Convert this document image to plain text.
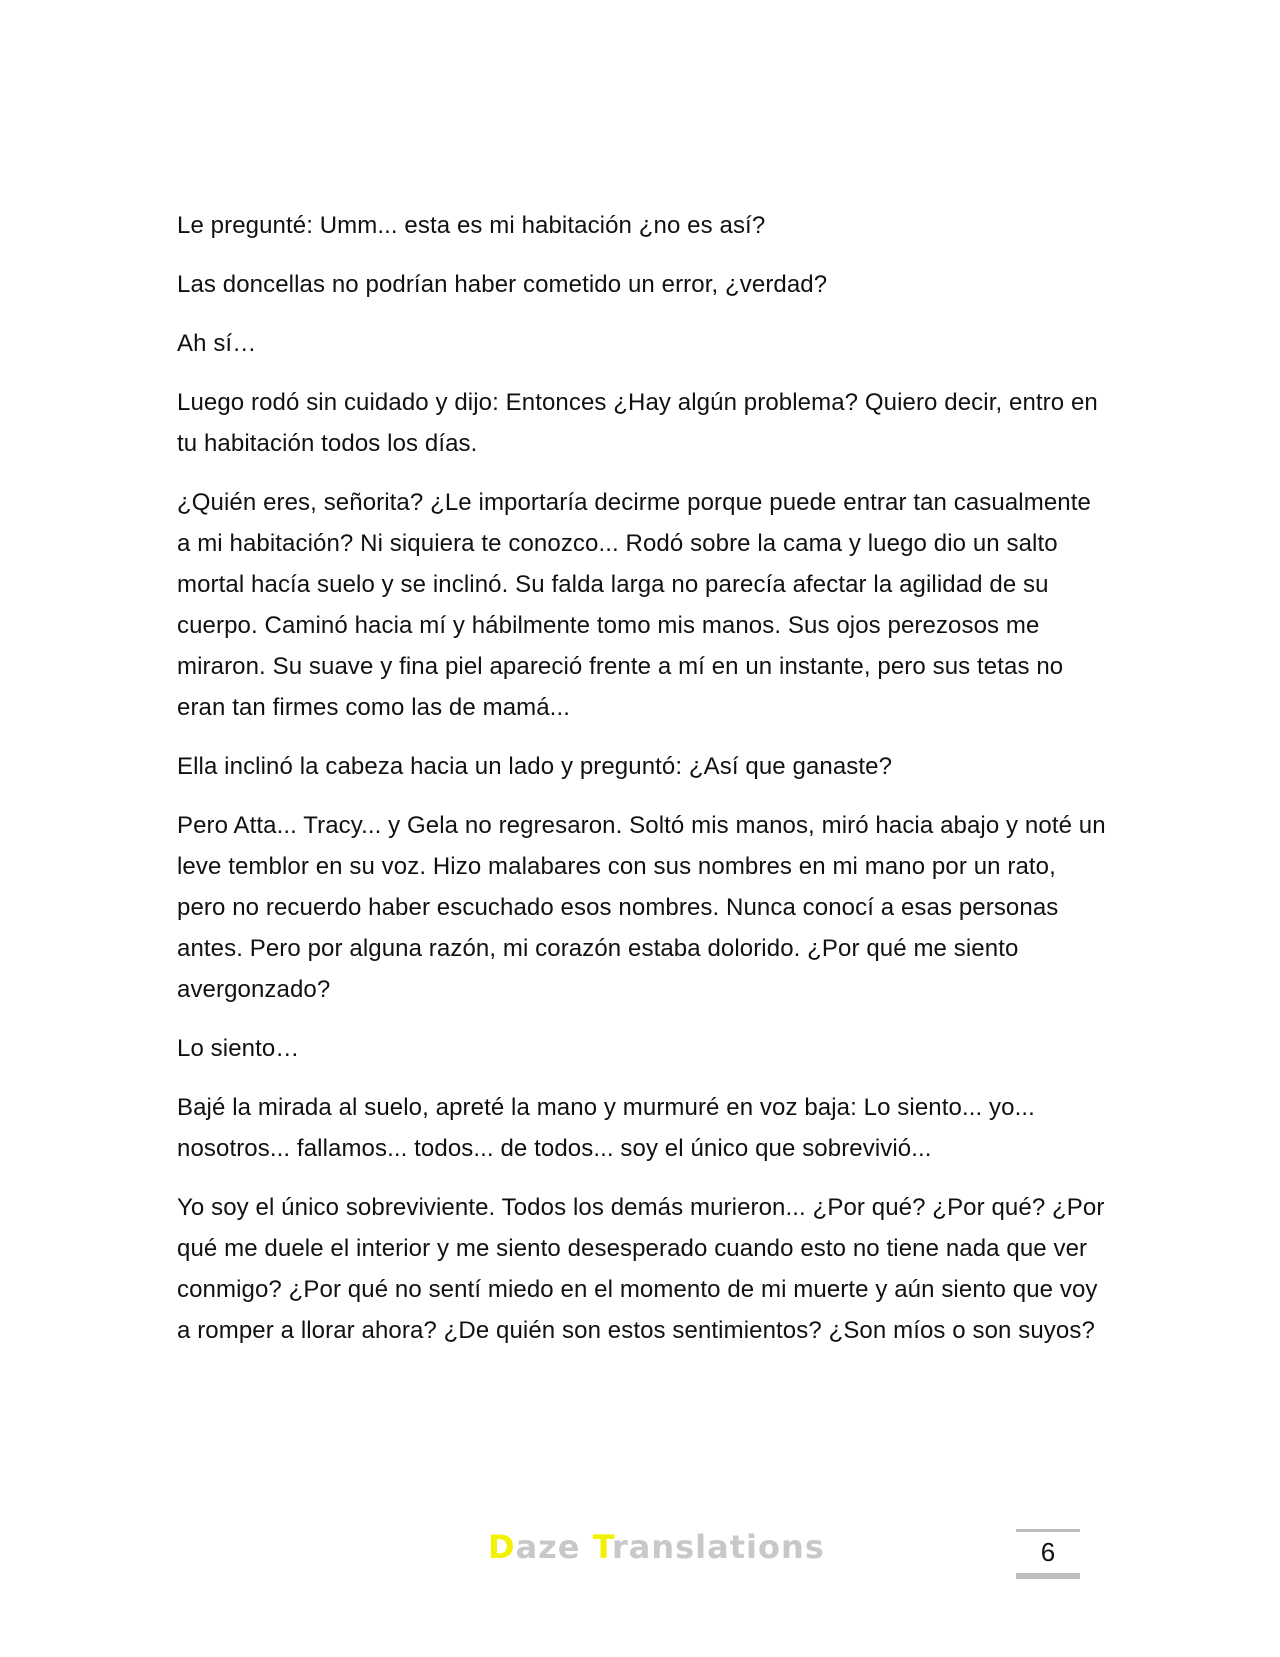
Le pregunté: Umm... esta es mi habitación ¿no es así?

Las doncellas no podrían haber cometido un error, ¿verdad?

Ah sí…

Luego rodó sin cuidado y dijo: Entonces ¿Hay algún problema? Quiero decir, entro en tu habitación todos los días.

¿Quién eres, señorita? ¿Le importaría decirme porque puede entrar tan casualmente a mi habitación? Ni siquiera te conozco... Rodó sobre la cama y luego dio un salto mortal hacía suelo y se inclinó. Su falda larga no parecía afectar la agilidad de su cuerpo. Caminó hacia mí y hábilmente tomo mis manos. Sus ojos perezosos me miraron. Su suave y fina piel apareció frente a mí en un instante, pero sus tetas no eran tan firmes como las de mamá...

Ella inclinó la cabeza hacia un lado y preguntó: ¿Así que ganaste?

Pero Atta... Tracy... y Gela no regresaron. Soltó mis manos, miró hacia abajo y noté un leve temblor en su voz. Hizo malabares con sus nombres en mi mano por un rato, pero no recuerdo haber escuchado esos nombres. Nunca conocí a esas personas antes. Pero por alguna razón, mi corazón estaba dolorido. ¿Por qué me siento avergonzado?

Lo siento…

Bajé la mirada al suelo, apreté la mano y murmuré en voz baja: Lo siento... yo... nosotros... fallamos... todos... de todos... soy el único que sobrevivió...

Yo soy el único sobreviviente. Todos los demás murieron... ¿Por qué? ¿Por qué? ¿Por qué me duele el interior y me siento desesperado cuando esto no tiene nada que ver conmigo? ¿Por qué no sentí miedo en el momento de mi muerte y aún siento que voy a romper a llorar ahora? ¿De quién son estos sentimientos? ¿Son míos o son suyos?

Daze Translations	6
